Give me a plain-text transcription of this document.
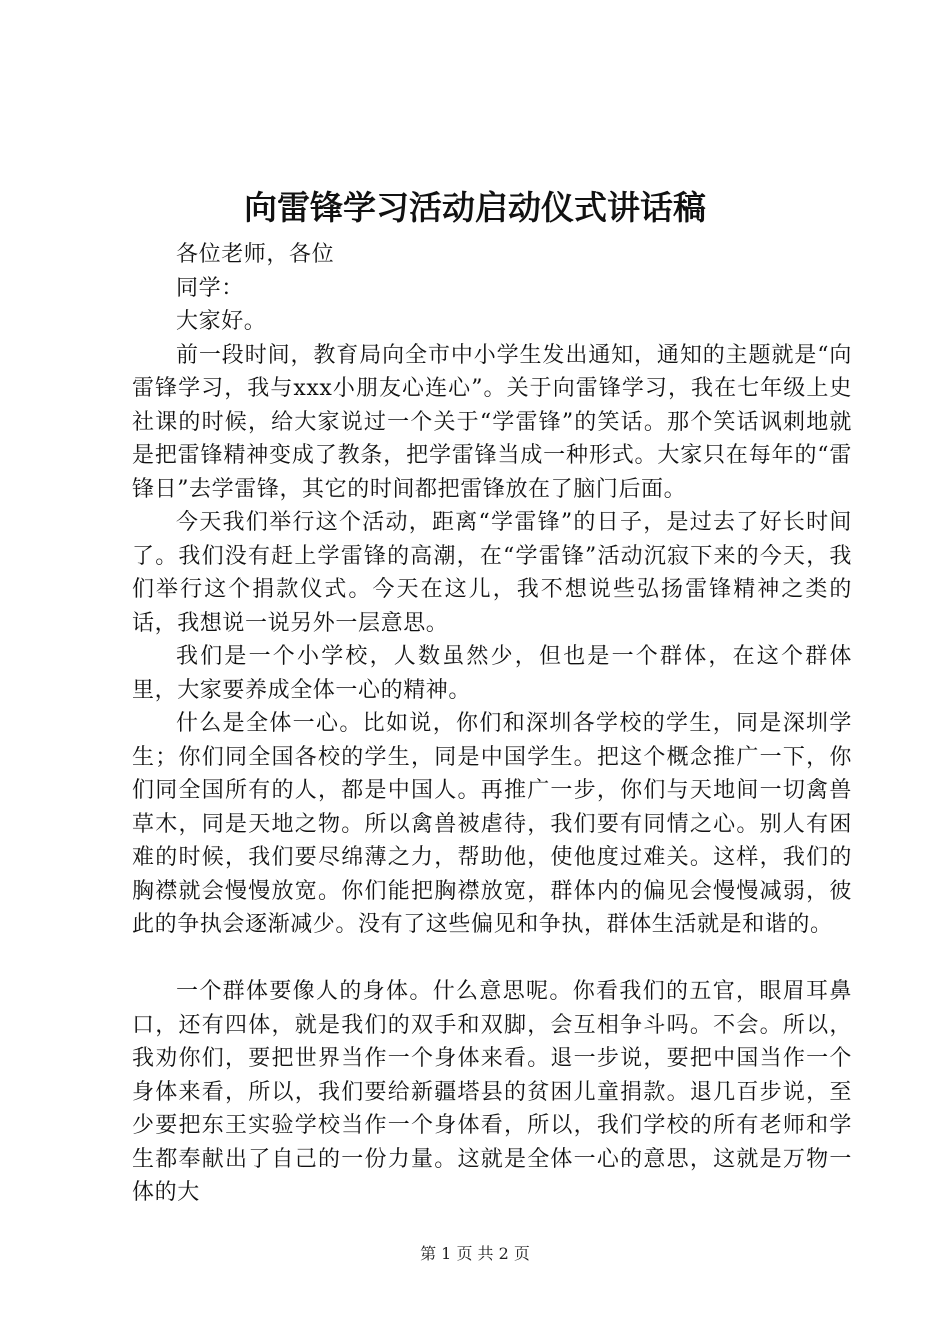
向雷锋学习活动启动仪式讲话稿

各位老师，各位

同学：

大家好。

前一段时间，教育局向全市中小学生发出通知，通知的主题就是“向雷锋学习，我与xxx小朋友心连心”。关于向雷锋学习，我在七年级上史社课的时候，给大家说过一个关于“学雷锋”的笑话。那个笑话讽刺地就是把雷锋精神变成了教条，把学雷锋当成一种形式。大家只在每年的“雷锋日”去学雷锋，其它的时间都把雷锋放在了脑门后面。

今天我们举行这个活动，距离“学雷锋”的日子，是过去了好长时间了。我们没有赶上学雷锋的高潮，在“学雷锋”活动沉寂下来的今天，我们举行这个捐款仪式。今天在这儿，我不想说些弘扬雷锋精神之类的话，我想说一说另外一层意思。

我们是一个小学校，人数虽然少，但也是一个群体，在这个群体里，大家要养成全体一心的精神。

什么是全体一心。比如说，你们和深圳各学校的学生，同是深圳学生；你们同全国各校的学生，同是中国学生。把这个概念推广一下，你们同全国所有的人，都是中国人。再推广一步，你们与天地间一切禽兽草木，同是天地之物。所以禽兽被虐待，我们要有同情之心。别人有困难的时候，我们要尽绵薄之力，帮助他，使他度过难关。这样，我们的胸襟就会慢慢放宽。你们能把胸襟放宽，群体内的偏见会慢慢减弱，彼此的争执会逐渐减少。没有了这些偏见和争执，群体生活就是和谐的。

一个群体要像人的身体。什么意思呢。你看我们的五官，眼眉耳鼻口，还有四体，就是我们的双手和双脚，会互相争斗吗。不会。所以，我劝你们，要把世界当作一个身体来看。退一步说，要把中国当作一个身体来看，所以，我们要给新疆塔县的贫困儿童捐款。退几百步说，至少要把东王实验学校当作一个身体看，所以，我们学校的所有老师和学生都奉献出了自己的一份力量。这就是全体一心的意思，这就是万物一体的大

第 1 页 共 2 页
